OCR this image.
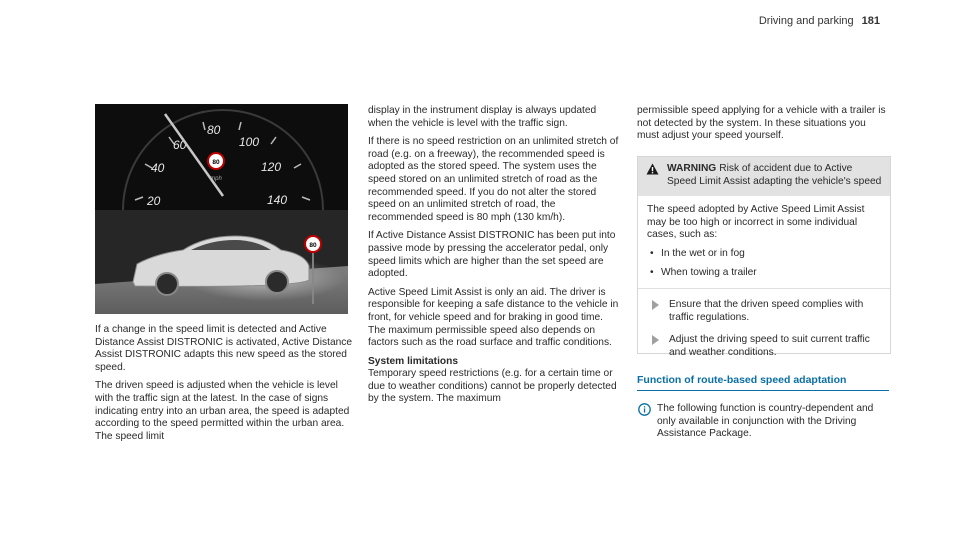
Driving and parking 181
20
40
60
80
100
120
140
80
mph
80

If a change in the speed limit is detected and Active Distance Assist DISTRONIC is activated, Active Distance Assist DISTRONIC adapts this new speed as the stored speed.

The driven speed is adjusted when the vehicle is level with the traffic sign at the latest. In the case of signs indicating entry into an urban area, the speed is adapted according to the speed permitted within the urban area. The speed limit

display in the instrument display is always updated when the vehicle is level with the traffic sign.

If there is no speed restriction on an unlimited stretch of road (e.g. on a freeway), the recommended speed is adopted as the stored speed. The system uses the speed stored on an unlimited stretch of road as the recommended speed. If you do not alter the stored speed on an unlimited stretch of road, the recommended speed is 80 mph (130 km/h).

If Active Distance Assist DISTRONIC has been put into passive mode by pressing the accelerator pedal, only speed limits which are higher than the set speed are adopted.

Active Speed Limit Assist is only an aid. The driver is responsible for keeping a safe distance to the vehicle in front, for vehicle speed and for braking in good time. The maximum permissible speed also depends on factors such as the road surface and traffic conditions.

System limitations

Temporary speed restrictions (e.g. for a certain time or due to weather conditions) cannot be properly detected by the system. The maximum

permissible speed applying for a vehicle with a trailer is not detected by the system. In these situations you must adjust your speed yourself.

WARNING Risk of accident due to Active Speed Limit Assist adapting the vehicle's speed

The speed adopted by Active Speed Limit Assist may be too high or incorrect in some individual cases, such as:

• In the wet or in fog
• When towing a trailer
Ensure that the driven speed complies with traffic regulations.
Adjust the driving speed to suit current traffic and weather conditions.
Function of route-based speed adaptation

The following function is country-dependent and only available in conjunction with the Driving Assistance Package.
